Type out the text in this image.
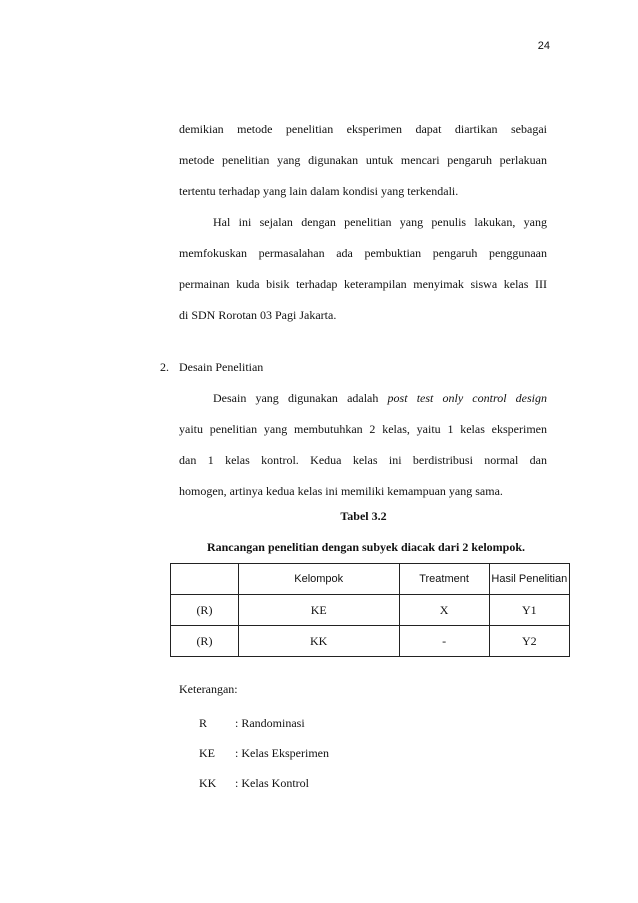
24
demikian metode penelitian eksperimen dapat diartikan sebagai
metode penelitian yang digunakan untuk mencari pengaruh perlakuan
tertentu terhadap yang lain dalam kondisi yang terkendali.
Hal ini sejalan dengan penelitian yang penulis lakukan, yang
memfokuskan permasalahan ada pembuktian pengaruh penggunaan
permainan kuda bisik terhadap keterampilan menyimak siswa kelas III
di SDN Rorotan 03 Pagi Jakarta.
2. Desain Penelitian
Desain yang digunakan adalah post test only control design
yaitu penelitian yang membutuhkan 2 kelas, yaitu 1 kelas eksperimen
dan 1 kelas kontrol. Kedua kelas ini berdistribusi normal dan
homogen, artinya kedua kelas ini memiliki kemampuan yang sama.
Tabel 3.2
Rancangan penelitian dengan subyek diacak dari 2 kelompok.
	Kelompok	Treatment	Hasil Penelitian
(R)	KE	X	Y1
(R)	KK	-	Y2
Keterangan:
R : Randominasi
KE : Kelas Eksperimen
KK : Kelas Kontrol
